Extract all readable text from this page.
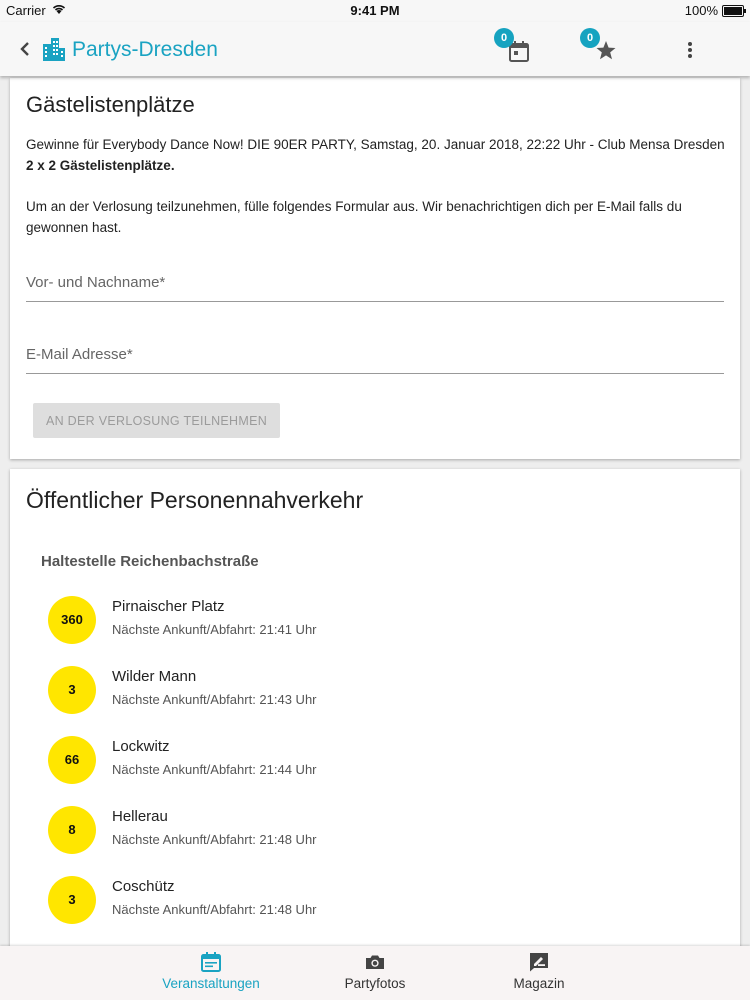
Carrier	9:41 PM	100%
Partys-Dresden	0	0
Gästelistenplätze
Gewinne für Everybody Dance Now! DIE 90ER PARTY, Samstag, 20. Januar 2018, 22:22 Uhr - Club Mensa Dresden 2 x 2 Gästelistenplätze.
Um an der Verlosung teilzunehmen, fülle folgendes Formular aus. Wir benachrichtigen dich per E-Mail falls du gewonnen hast.
Vor- und Nachname*
E-Mail Adresse*
AN DER VERLOSUNG TEILNEHMEN
Öffentlicher Personennahverkehr
Haltestelle Reichenbachstraße
360
Pirnaischer Platz
Nächste Ankunft/Abfahrt: 21:41 Uhr
3
Wilder Mann
Nächste Ankunft/Abfahrt: 21:43 Uhr
66
Lockwitz
Nächste Ankunft/Abfahrt: 21:44 Uhr
8
Hellerau
Nächste Ankunft/Abfahrt: 21:48 Uhr
3
Coschütz
Nächste Ankunft/Abfahrt: 21:48 Uhr
Veranstaltungen	Partyfotos	Magazin
